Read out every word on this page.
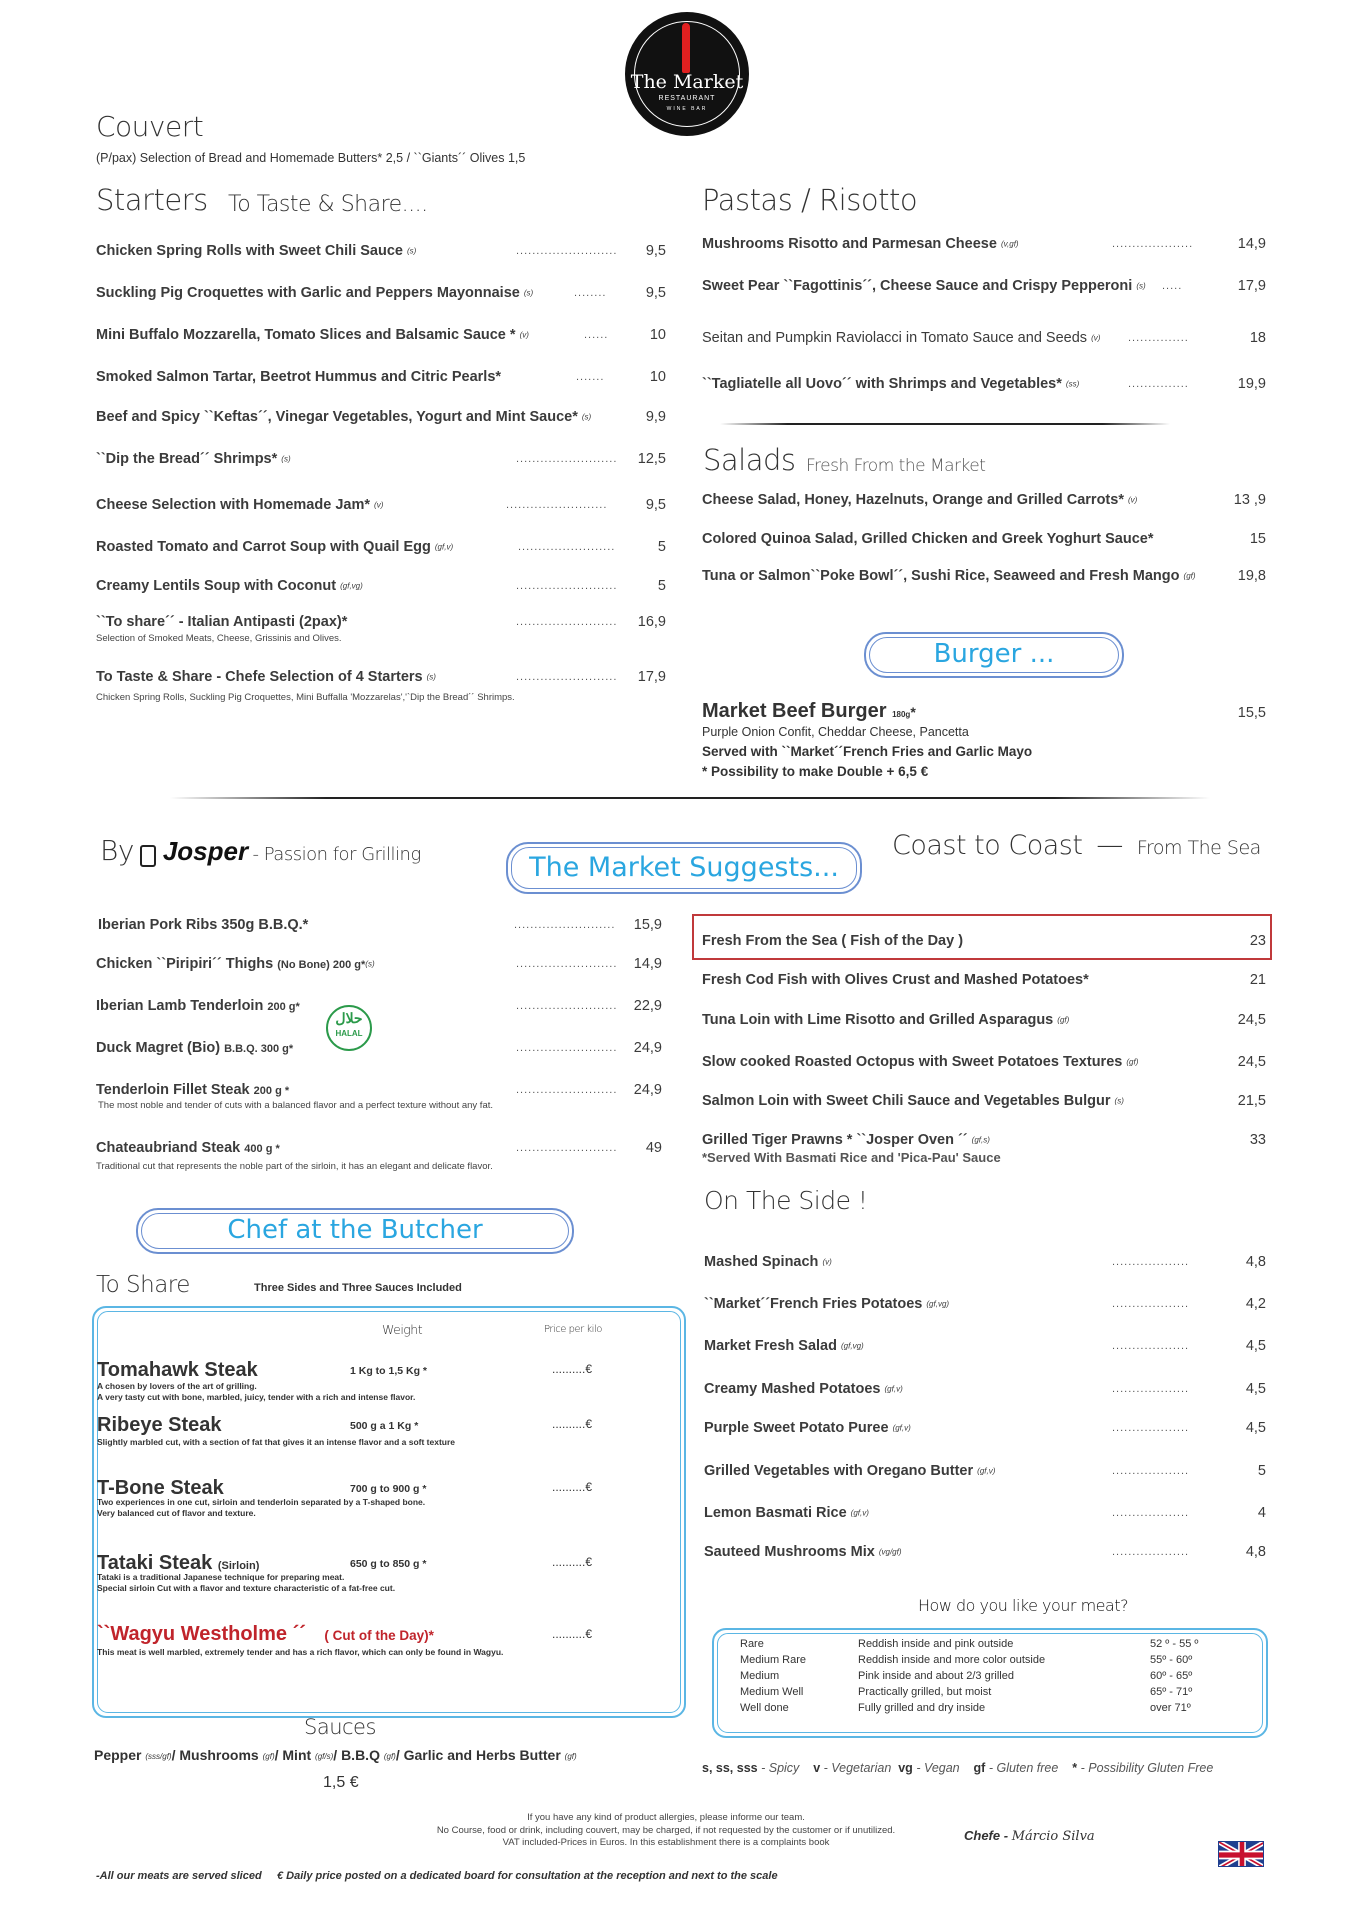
The Market
RESTAURANT
WINE BAR
Couvert
(P/pax) Selection of Bread and Homemade Butters* 2,5 / ``Giants´´ Olives 1,5
Starters To Taste & Share....
Chicken Spring Rolls with Sweet Chili Sauce (s)	.........................	9,5
Suckling Pig Croquettes with Garlic and Peppers Mayonnaise (s)	........	9,5
Mini Buffalo Mozzarella, Tomato Slices and Balsamic Sauce * (v)	......	10
Smoked Salmon Tartar, Beetrot Hummus and Citric Pearls*	.......	10
Beef and Spicy ``Keftas´´, Vinegar Vegetables, Yogurt and Mint Sauce* (s)	9,9
``Dip the Bread´´ Shrimps* (s)	.........................	12,5
Cheese Selection with Homemade Jam* (v)	.........................	9,5
Roasted Tomato and Carrot Soup with Quail Egg (gf,v)	........................	5
Creamy Lentils Soup with Coconut (gf,vg)	.........................	5
``To share´´ - Italian Antipasti (2pax)*
Selection of Smoked Meats, Cheese, Grissinis and Olives.
.........................	16,9
To Taste & Share - Chefe Selection of 4 Starters (s)
Chicken Spring Rolls, Suckling Pig Croquettes, Mini Buffalla 'Mozzarelas','`Dip the Bread´´ Shrimps.
.........................	17,9
Pastas / Risotto
Mushrooms Risotto and Parmesan Cheese (v,gf)	....................	14,9
Sweet Pear ``Fagottinis´´, Cheese Sauce and Crispy Pepperoni (s) .....	17,9
Seitan and Pumpkin Raviolacci in Tomato Sauce and Seeds (v)	...............	18
``Tagliatelle all Uovo´´ with Shrimps and Vegetables* (ss)	...............	19,9
Salads Fresh From the Market
Cheese Salad, Honey, Hazelnuts, Orange and Grilled Carrots* (v)	13 ,9
Colored Quinoa Salad, Grilled Chicken and Greek Yoghurt Sauce*	15
Tuna or Salmon``Poke Bowl´´, Sushi Rice, Seaweed and Fresh Mango (gf)	19,8
Burger ...
Market Beef Burger 180g*	15,5
Purple Onion Confit, Cheddar Cheese, Pancetta
Served with ``Market´´French Fries and Garlic Mayo
* Possibility to make Double + 6,5 €
By Josper - Passion for Grilling	The Market Suggests...
Iberian Pork Ribs 350g B.B.Q.*	.........................	15,9
Chicken ``Piripiri´´ Thighs (No Bone) 200 g*(s)	.........................	14,9
Iberian Lamb Tenderloin 200 g*	.........................	22,9
حلال
HALAL
Duck Magret (Bio) B.B.Q. 300 g*	.........................	24,9
Tenderloin Fillet Steak 200 g *
The most noble and tender of cuts with a balanced flavor and a perfect texture without any fat.
.........................	24,9
Chateaubriand Steak 400 g *
Traditional cut that represents the noble part of the sirloin, it has an elegant and delicate flavor.
.........................	49
Coast to Coast — From The Sea
Fresh From the Sea ( Fish of the Day )	23
Fresh Cod Fish with Olives Crust and Mashed Potatoes*	21
Tuna Loin with Lime Risotto and Grilled Asparagus (gf)	24,5
Slow cooked Roasted Octopus with Sweet Potatoes Textures (gf)	24,5
Salmon Loin with Sweet Chili Sauce and Vegetables Bulgur (s)	21,5
Grilled Tiger Prawns * ``Josper Oven ´´ (gf,s)
*Served With Basmati Rice and 'Pica-Pau' Sauce
33
On The Side !
Mashed Spinach (v)	...................	4,8
``Market´´French Fries Potatoes (gf,vg)	...................	4,2
Market Fresh Salad (gf,vg)	...................	4,5
Creamy Mashed Potatoes (gf,v)	...................	4,5
Purple Sweet Potato Puree (gf,v)	...................	4,5
Grilled Vegetables with Oregano Butter (gf,v)	...................	5
Lemon Basmati Rice (gf,v)	...................	4
Sauteed Mushrooms Mix (vg/gf)	...................	4,8
How do you like your meat?
Rare	Reddish inside and pink outside	52 º - 55 º
Medium Rare	Reddish inside and more color outside	55º - 60º
Medium	Pink inside and about 2/3 grilled	60º - 65º
Medium Well	Practically grilled, but moist	65º - 71º
Well done	Fully grilled and dry inside	over 71º
s, ss, sss - Spicy v - Vegetarian vg - Vegan gf - Gluten free * - Possibility Gluten Free
Chef at the Butcher
To Share	Three Sides and Three Sauces Included
Weight	Price per kilo
Tomahawk Steak	1 Kg to 1,5 Kg *	..........€
A chosen by lovers of the art of grilling.
A very tasty cut with bone, marbled, juicy, tender with a rich and intense flavor.
Ribeye Steak	500 g a 1 Kg *	..........€
Slightly marbled cut, with a section of fat that gives it an intense flavor and a soft texture
T-Bone Steak	700 g to 900 g *	..........€
Two experiences in one cut, sirloin and tenderloin separated by a T-shaped bone.
Very balanced cut of flavor and texture.
Tataki Steak (Sirloin)	650 g to 850 g *	..........€
Tataki is a traditional Japanese technique for preparing meat.
Special sirloin Cut with a flavor and texture characteristic of a fat-free cut.
``Wagyu Westholme ´´ ( Cut of the Day)*	..........€
This meat is well marbled, extremely tender and has a rich flavor, which can only be found in Wagyu.
Sauces
Pepper (sss/gf)/ Mushrooms (gf)/ Mint (gf/s)/ B.B.Q (gf)/ Garlic and Herbs Butter (gf)
1,5 €
If you have any kind of product allergies, please informe our team.
No Course, food or drink, including couvert, may be charged, if not requested by the customer or if unutilized.
VAT included-Prices in Euros. In this establishment there is a complaints book	Chefe - Márcio Silva
-All our meats are served sliced     € Daily price posted on a dedicated board for consultation at the reception and next to the scale
